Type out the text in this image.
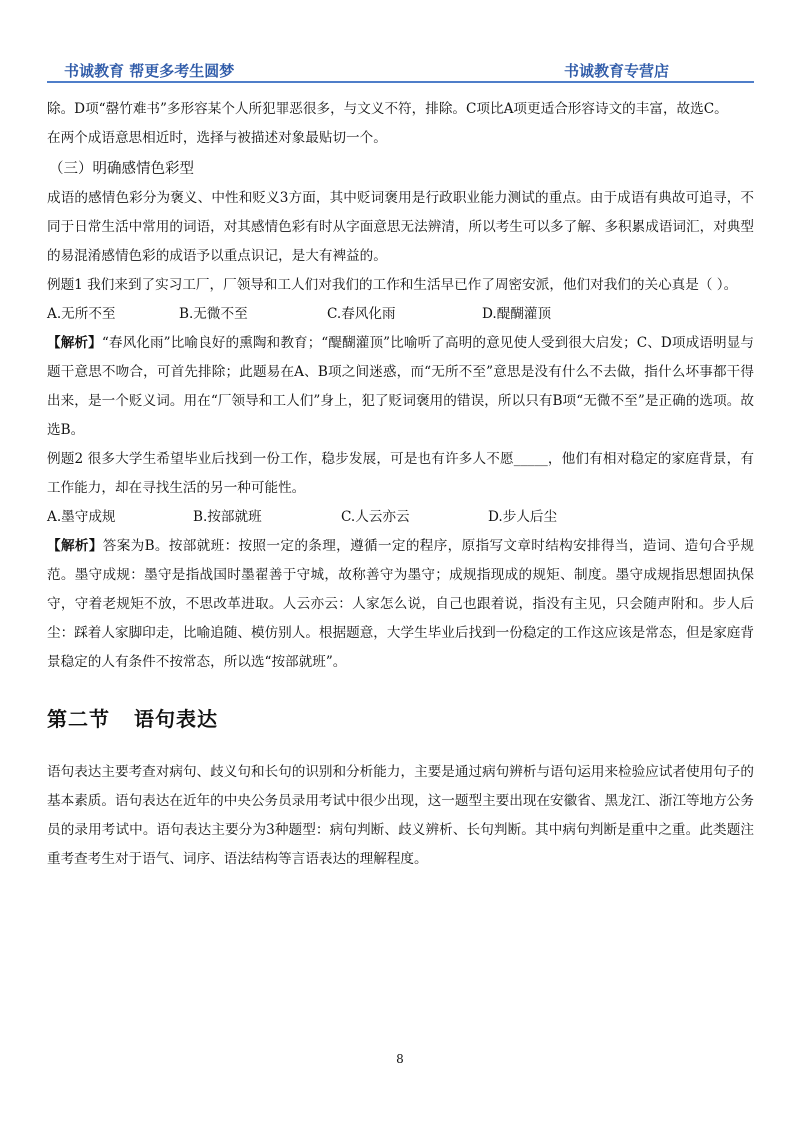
书诚教育 帮更多考生圆梦	书诚教育专营店

除。D项“罄竹难书”多形容某个人所犯罪恶很多，与文义不符，排除。C项比A项更适合形容诗文的丰富，故选C。

在两个成语意思相近时，选择与被描述对象最贴切一个。

（三）明确感情色彩型

成语的感情色彩分为褒义、中性和贬义3方面，其中贬词褒用是行政职业能力测试的重点。由于成语有典故可追寻，不同于日常生活中常用的词语，对其感情色彩有时从字面意思无法辨清，所以考生可以多了解、多积累成语词汇，对典型的易混淆感情色彩的成语予以重点识记，是大有裨益的。

例题1 我们来到了实习工厂，厂领导和工人们对我们的工作和生活早已作了周密安派，他们对我们的关心真是（ ）。

A.无所不至	B.无微不至	C.春风化雨	D.醍醐灌顶

【解析】“春风化雨”比喻良好的熏陶和教育；“醍醐灌顶”比喻听了高明的意见使人受到很大启发；C、D项成语明显与题干意思不吻合，可首先排除；此题易在A、B项之间迷惑，而“无所不至”意思是没有什么不去做，指什么坏事都干得出来，是一个贬义词。用在“厂领导和工人们”身上，犯了贬词褒用的错误，所以只有B项“无微不至”是正确的选项。故选B。

例题2 很多大学生希望毕业后找到一份工作，稳步发展，可是也有许多人不愿_____，他们有相对稳定的家庭背景，有工作能力，却在寻找生活的另一种可能性。

A.墨守成规	B.按部就班	C.人云亦云	D.步人后尘

【解析】答案为B。按部就班：按照一定的条理，遵循一定的程序，原指写文章时结构安排得当，造词、造句合乎规范。墨守成规：墨守是指战国时墨翟善于守城，故称善守为墨守；成规指现成的规矩、制度。墨守成规指思想固执保守，守着老规矩不放，不思改革进取。人云亦云：人家怎么说，自己也跟着说，指没有主见，只会随声附和。步人后尘：踩着人家脚印走，比喻追随、模仿别人。根据题意，大学生毕业后找到一份稳定的工作这应该是常态，但是家庭背景稳定的人有条件不按常态，所以选“按部就班”。

第二节 语句表达

语句表达主要考查对病句、歧义句和长句的识别和分析能力，主要是通过病句辨析与语句运用来检验应试者使用句子的基本素质。语句表达在近年的中央公务员录用考试中很少出现，这一题型主要出现在安徽省、黑龙江、浙江等地方公务员的录用考试中。语句表达主要分为3种题型：病句判断、歧义辨析、长句判断。其中病句判断是重中之重。此类题注重考查考生对于语气、词序、语法结构等言语表达的理解程度。

8
